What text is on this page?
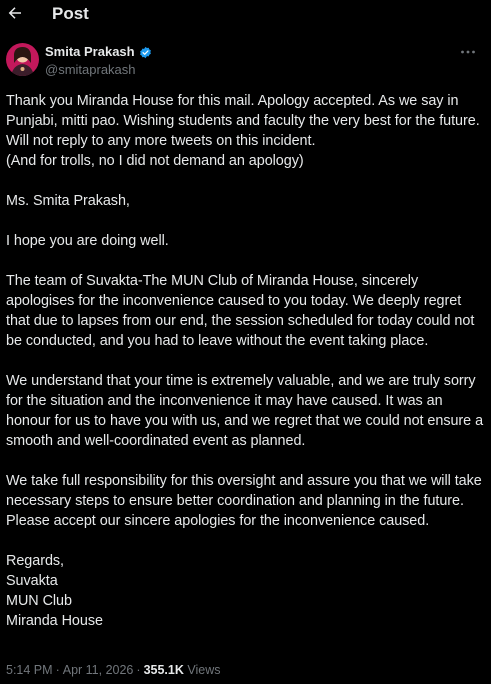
Post
Smita Prakash
@smitaprakash

Thank you Miranda House for this mail. Apology accepted. As we say in Punjabi, mitti pao. Wishing students and faculty the very best for the future. Will not reply to any more tweets on this incident.
(And for trolls, no I did not demand an apology)

Ms. Smita Prakash,

I hope you are doing well.

The team of Suvakta-The MUN Club of Miranda House, sincerely apologises for the inconvenience caused to you today. We deeply regret that due to lapses from our end, the session scheduled for today could not be conducted, and you had to leave without the event taking place.

We understand that your time is extremely valuable, and we are truly sorry for the situation and the inconvenience it may have caused. It was an honour for us to have you with us, and we regret that we could not ensure a smooth and well-coordinated event as planned.

We take full responsibility for this oversight and assure you that we will take necessary steps to ensure better coordination and planning in the future. Please accept our sincere apologies for the inconvenience caused.

Regards,
Suvakta
MUN Club
Miranda House

5:14 PM · Apr 11, 2026 · 355.1K Views
